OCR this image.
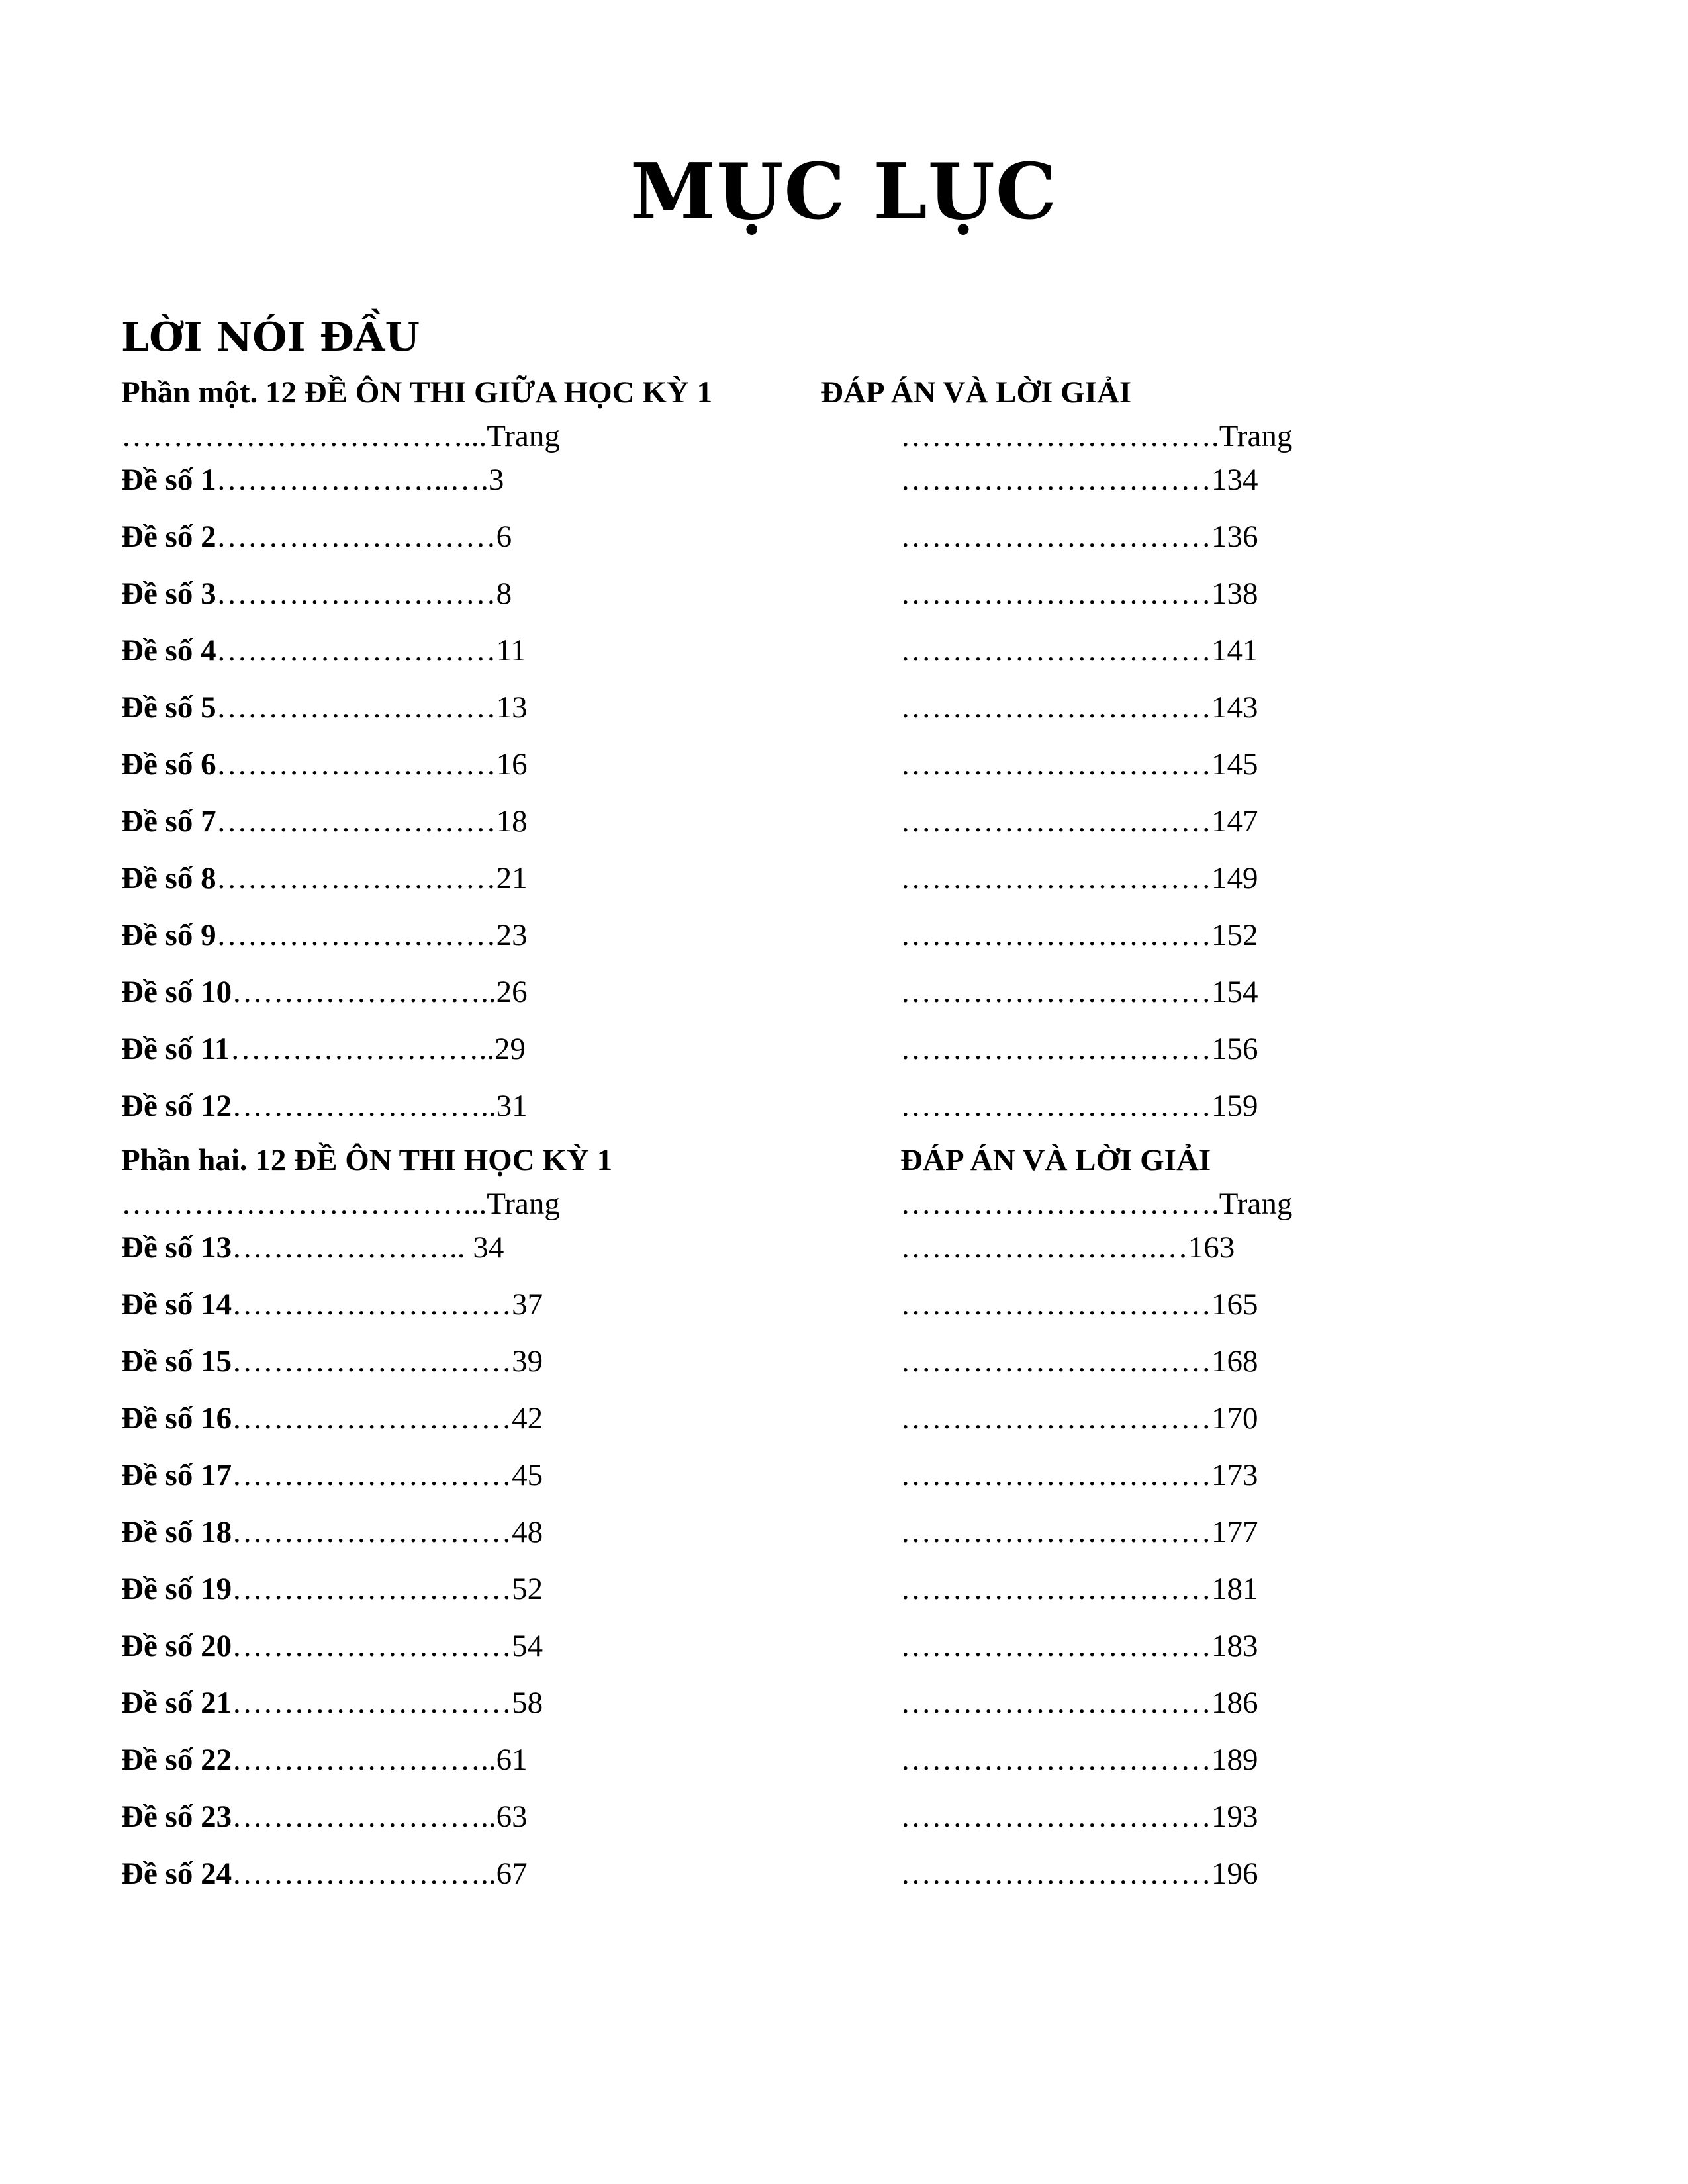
MỤC LỤC
LỜI NÓI ĐẦU
Phần một. 12 ĐỀ ÔN THI GIỮA HỌC KỲ 1	ĐÁP ÁN VÀ LỜI GIẢI
……………………………...Trang	………………………….Trang
Đề số 1…………………..….3	…………………………134
Đề số 2………………………6	…………………………136
Đề số 3………………………8	…………………………138
Đề số 4………………………11	…………………………141
Đề số 5………………………13	…………………………143
Đề số 6………………………16	…………………………145
Đề số 7………………………18	…………………………147
Đề số 8………………………21	…………………………149
Đề số 9………………………23	…………………………152
Đề số 10……………………..26	…………………………154
Đề số 11……………………..29	…………………………156
Đề số 12……………………..31	…………………………159
Phần hai. 12 ĐỀ ÔN THI HỌC KỲ 1	ĐÁP ÁN VÀ LỜI GIẢI
……………………………...Trang	………………………….Trang
Đề số 13………………….. 34	…………………….…163
Đề số 14………………………37	…………………………165
Đề số 15………………………39	…………………………168
Đề số 16………………………42	…………………………170
Đề số 17………………………45	…………………………173
Đề số 18………………………48	…………………………177
Đề số 19………………………52	…………………………181
Đề số 20………………………54	…………………………183
Đề số 21………………………58	…………………………186
Đề số 22……………………..61	…………………………189
Đề số 23……………………..63	…………………………193
Đề số 24……………………..67	…………………………196
